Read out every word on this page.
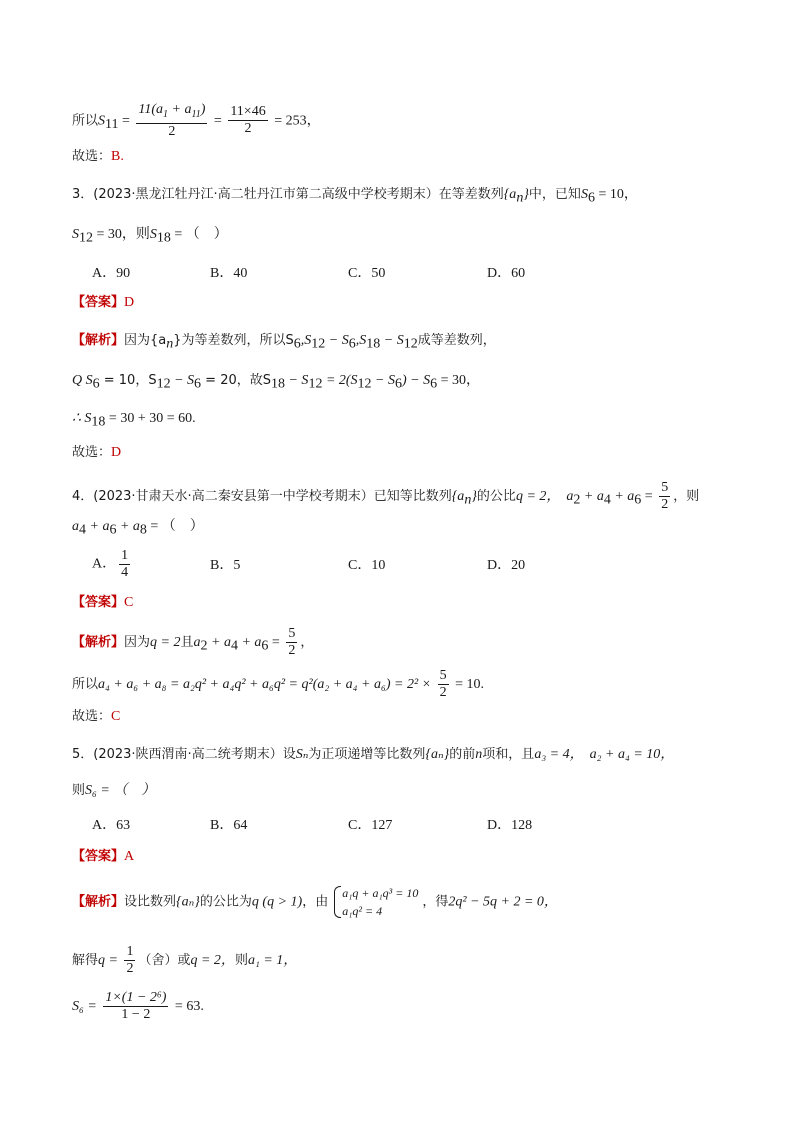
所以$S_{11} = \frac{11(a_1 + a_{11})}{2} = \frac{11\times 46}{2} = 253$，
故选：B.
3．(2023·黑龙江牡丹江·高二牡丹江市第二高级中学校考期末）在等差数列$\{a_n\}$中，已知$S_6 = 10$，
$S_{12} = 30$，则$S_{18}$ = （　）
A．90	B．40	C．50	D．60
【答案】D
【解析】因为$\{a_n\}$为等差数列，所以$S_6,S_{12} - S_6,S_{18} - S_{12}$成等差数列，
Q $S_6 = 10$，$S_{12} - S_6 = 20$，故$S_{18} - S_{12} = 2(S_{12} - S_6) - S_6 = 30$，
∴ $S_{18} = 30 + 30 = 60$.
故选：D
4．(2023·甘肃天水·高二秦安县第一中学校考期末）已知等比数列$\{a_n\}$的公比q = 2， $a_2 + a_4 + a_6 = \frac{5}{2}$ ，则
$a_4 + a_6 + a_8$ = （　）
A． $\frac{1}{4}$	B．5	C．10	D．20
【答案】C
【解析】因为q = 2且$a_2 + a_4 + a_6 = \frac{5}{2}$ ，
所以$a_4 + a_6 + a_8 = a_2q^2 + a_4q^2 + a_6q^2 = q^2(a_2 + a_4 + a_6) = 2^2 \times \frac{5}{2} = 10$.
故选：C
5．(2023·陕西渭南·高二统考期末）设Sₙ为正项递增等比数列{aₙ}的前n项和，且a₃ = 4， a₂ + a₄ = 10，
则S₆ = （　）
A．63	B．64	C．127	D．128
【答案】A
【解析】设比数列{aₙ}的公比为q (q > 1)，由
a₁q + a₁q³ = 10
a₁q² = 4
，得2q² − 5q + 2 = 0，
解得$q = \frac{1}{2}$ （舍）或q = 2，则a₁ = 1，
$S_6 = \frac{\text{1×(1 − 2⁶)}}{1 - 2} = 63$.
